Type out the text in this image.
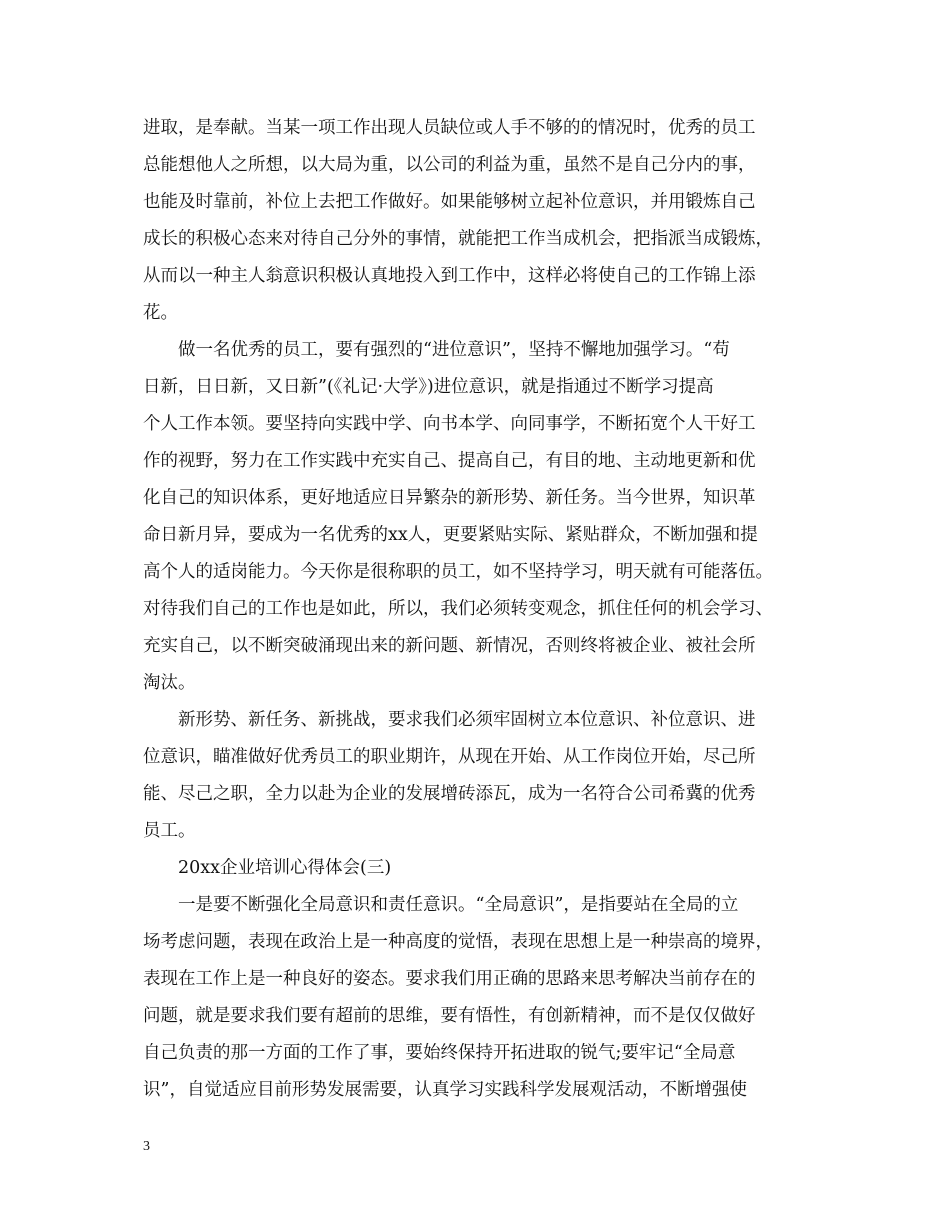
进取，是奉献。当某一项工作出现人员缺位或人手不够的的情况时，优秀的员工
总能想他人之所想，以大局为重，以公司的利益为重，虽然不是自己分内的事，
也能及时靠前，补位上去把工作做好。如果能够树立起补位意识，并用锻炼自己
成长的积极心态来对待自己分外的事情，就能把工作当成机会，把指派当成锻炼，
从而以一种主人翁意识积极认真地投入到工作中，这样必将使自己的工作锦上添
花。
做一名优秀的员工，要有强烈的“进位意识”，坚持不懈地加强学习。“苟
日新，日日新，又日新”(《礼记·大学》)进位意识，就是指通过不断学习提高
个人工作本领。要坚持向实践中学、向书本学、向同事学，不断拓宽个人干好工
作的视野，努力在工作实践中充实自己、提高自己，有目的地、主动地更新和优
化自己的知识体系，更好地适应日异繁杂的新形势、新任务。当今世界，知识革
命日新月异，要成为一名优秀的xx人，更要紧贴实际、紧贴群众，不断加强和提
高个人的适岗能力。今天你是很称职的员工，如不坚持学习，明天就有可能落伍。
对待我们自己的工作也是如此，所以，我们必须转变观念，抓住任何的机会学习、
充实自己，以不断突破涌现出来的新问题、新情况，否则终将被企业、被社会所
淘汰。
新形势、新任务、新挑战，要求我们必须牢固树立本位意识、补位意识、进
位意识，瞄准做好优秀员工的职业期许，从现在开始、从工作岗位开始，尽己所
能、尽己之职，全力以赴为企业的发展增砖添瓦，成为一名符合公司希冀的优秀
员工。
20xx企业培训心得体会(三)
一是要不断强化全局意识和责任意识。“全局意识”，是指要站在全局的立
场考虑问题，表现在政治上是一种高度的觉悟，表现在思想上是一种崇高的境界，
表现在工作上是一种良好的姿态。要求我们用正确的思路来思考解决当前存在的
问题，就是要求我们要有超前的思维，要有悟性，有创新精神，而不是仅仅做好
自己负责的那一方面的工作了事，要始终保持开拓进取的锐气;要牢记“全局意
识”，自觉适应目前形势发展需要，认真学习实践科学发展观活动，不断增强使
3
